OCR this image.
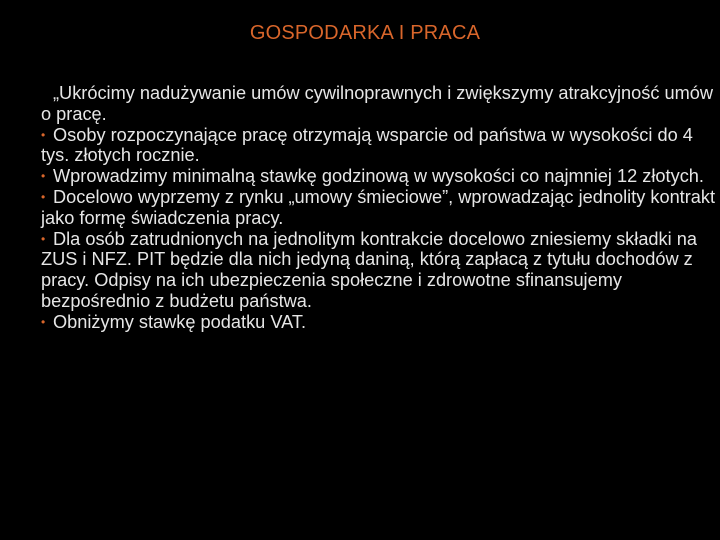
GOSPODARKA I PRACA

„Ukrócimy nadużywanie umów cywilnoprawnych i zwiększymy atrakcyjność umów o pracę.

• Osoby rozpoczynające pracę otrzymają wsparcie od państwa w wysokości do 4 tys. złotych rocznie.

• Wprowadzimy minimalną stawkę godzinową w wysokości co najmniej 12 złotych.

• Docelowo wyprzemy z rynku „umowy śmieciowe”, wprowadzając jednolity kontrakt jako formę świadczenia pracy.

• Dla osób zatrudnionych na jednolitym kontrakcie docelowo zniesiemy składki na ZUS i NFZ. PIT będzie dla nich jedyną daniną, którą zapłacą z tytułu dochodów z pracy. Odpisy na ich ubezpieczenia społeczne i zdrowotne sfinansujemy bezpośrednio z budżetu państwa.

• Obniżymy stawkę podatku VAT.
